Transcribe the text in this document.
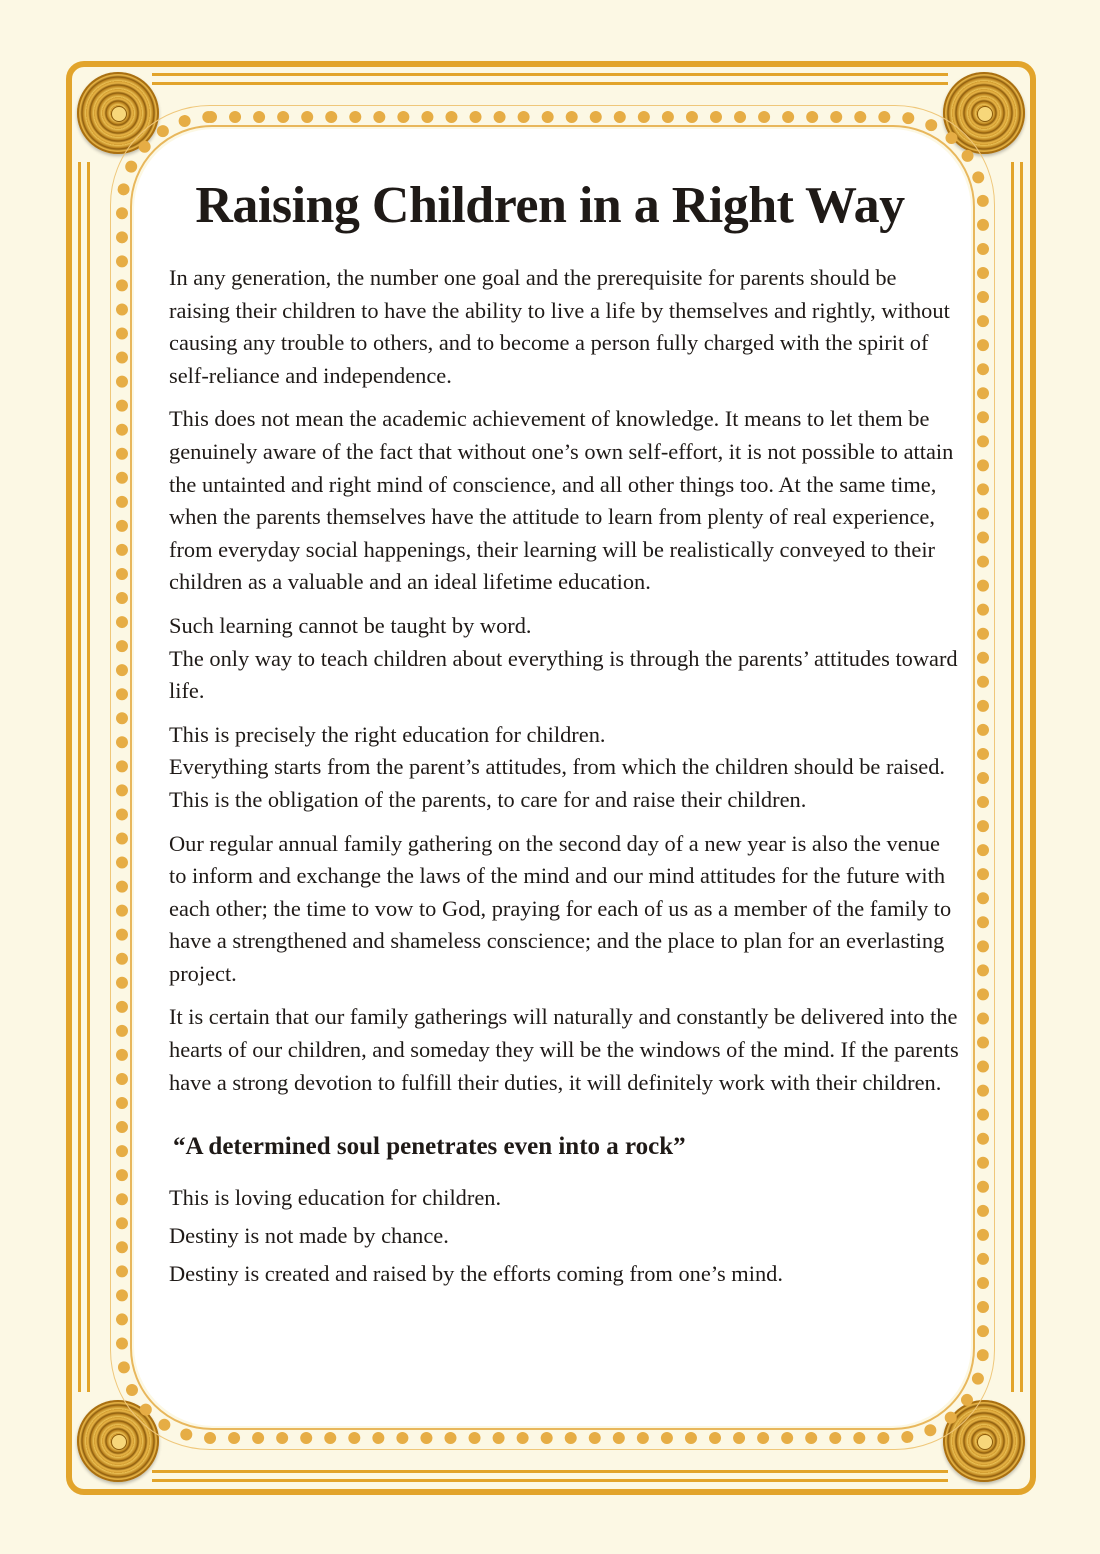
Raising Children in a Right Way

In any generation, the number one goal and the prerequisite for parents should be raising their children to have the ability to live a life by themselves and rightly, without causing any trouble to others, and to become a person fully charged with the spirit of self-reliance and independence.

This does not mean the academic achievement of knowledge. It means to let them be genuinely aware of the fact that without one’s own self-effort, it is not possible to attain the untainted and right mind of conscience, and all other things too. At the same time, when the parents themselves have the attitude to learn from plenty of real experience, from everyday social happenings, their learning will be realistically conveyed to their children as a valuable and an ideal lifetime education.

Such learning cannot be taught by word.
The only way to teach children about everything is through the parents’ attitudes toward life.

This is precisely the right education for children.
Everything starts from the parent’s attitudes, from which the children should be raised.
This is the obligation of the parents, to care for and raise their children.

Our regular annual family gathering on the second day of a new year is also the venue to inform and exchange the laws of the mind and our mind attitudes for the future with each other; the time to vow to God, praying for each of us as a member of the family to have a strengthened and shameless conscience; and the place to plan for an everlasting project.

It is certain that our family gatherings will naturally and constantly be delivered into the hearts of our children, and someday they will be the windows of the mind. If the parents have a strong devotion to fulfill their duties, it will definitely work with their children.

“A determined soul penetrates even into a rock”

This is loving education for children.

Destiny is not made by chance.

Destiny is created and raised by the efforts coming from one’s mind.
